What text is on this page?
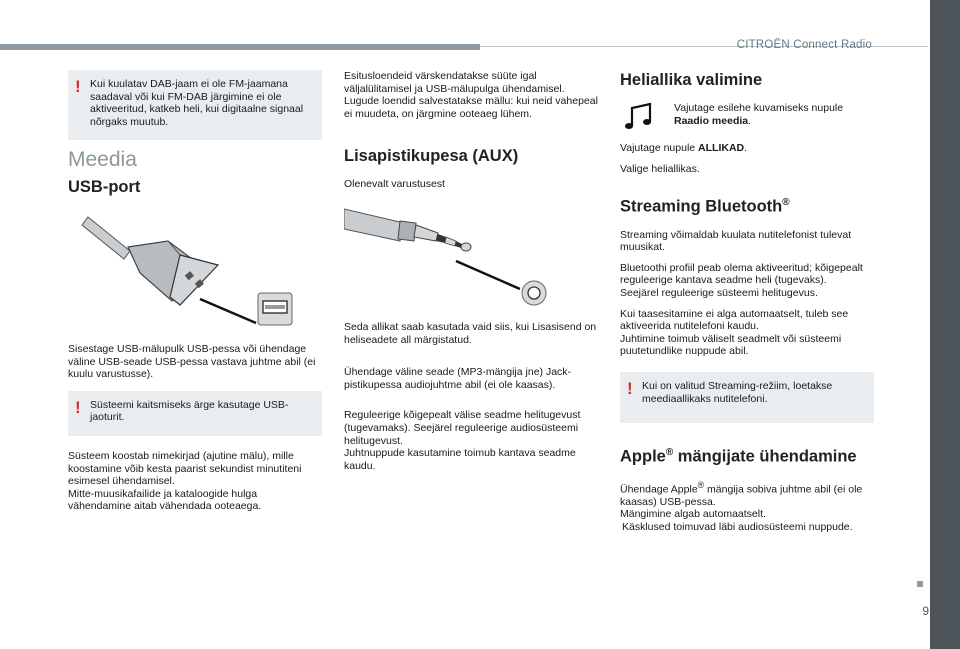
CITROËN Connect Radio
9
! Kui kuulatav DAB-jaam ei ole FM-jaamana saadaval või kui FM-DAB järgimine ei ole aktiveeritud, katkeb heli, kui digitaalne signaal nõrgaks muutub.
Meedia
USB-port

Sisestage USB-mälupulk USB-pessa või ühendage väline USB-seade USB-pessa vastava juhtme abil (ei kuulu varustusse).

! Süsteemi kaitsmiseks ärge kasutage USB-jaoturit.

Süsteem koostab nimekirjad (ajutine mälu), mille koostamine võib kesta paarist sekundist minutiteni esimesel ühendamisel.

Mitte-muusikafailide ja kataloogide hulga vähendamine aitab vähendada ooteaega.

Esitusloendeid värskendatakse süüte igal väljalülitamisel ja USB-mälupulga ühendamisel. Lugude loendid salvestatakse mällu: kui neid vahepeal ei muudeta, on järgmine ooteaeg lühem.

Lisapistikupesa (AUX)

Olenevalt varustusest

Seda allikat saab kasutada vaid siis, kui Lisasisend on heliseadete all märgistatud.

Ühendage väline seade (MP3-mängija jne) Jack-pistikupessa audiojuhtme abil (ei ole kaasas).

Reguleerige kõigepealt välise seadme helitugevust (tugevamaks). Seejärel reguleerige audiosüsteemi helitugevust.

Juhtnuppude kasutamine toimub kantava seadme kaudu.

Heliallika valimine
Vajutage esilehe kuvamiseks nupule Raadio meedia.

Vajutage nupule ALLIKAD.

Valige heliallikas.

Streaming Bluetooth®

Streaming võimaldab kuulata nutitelefonist tulevat muusikat.

Bluetoothi profiil peab olema aktiveeritud; kõigepealt reguleerige kantava seadme heli (tugevaks).

Seejärel reguleerige süsteemi helitugevus.

Kui taasesitamine ei alga automaatselt, tuleb see aktiveerida nutitelefoni kaudu.

Juhtimine toimub väliselt seadmelt või süsteemi puutetundlike nuppude abil.

! Kui on valitud Streaming-režiim, loetakse meediaallikaks nutitelefoni.
Apple® mängijate ühendamine

Ühendage Apple® mängija sobiva juhtme abil (ei ole kaasas) USB-pessa.

Mängimine algab automaatselt.

Käsklused toimuvad läbi audiosüsteemi nuppude.
